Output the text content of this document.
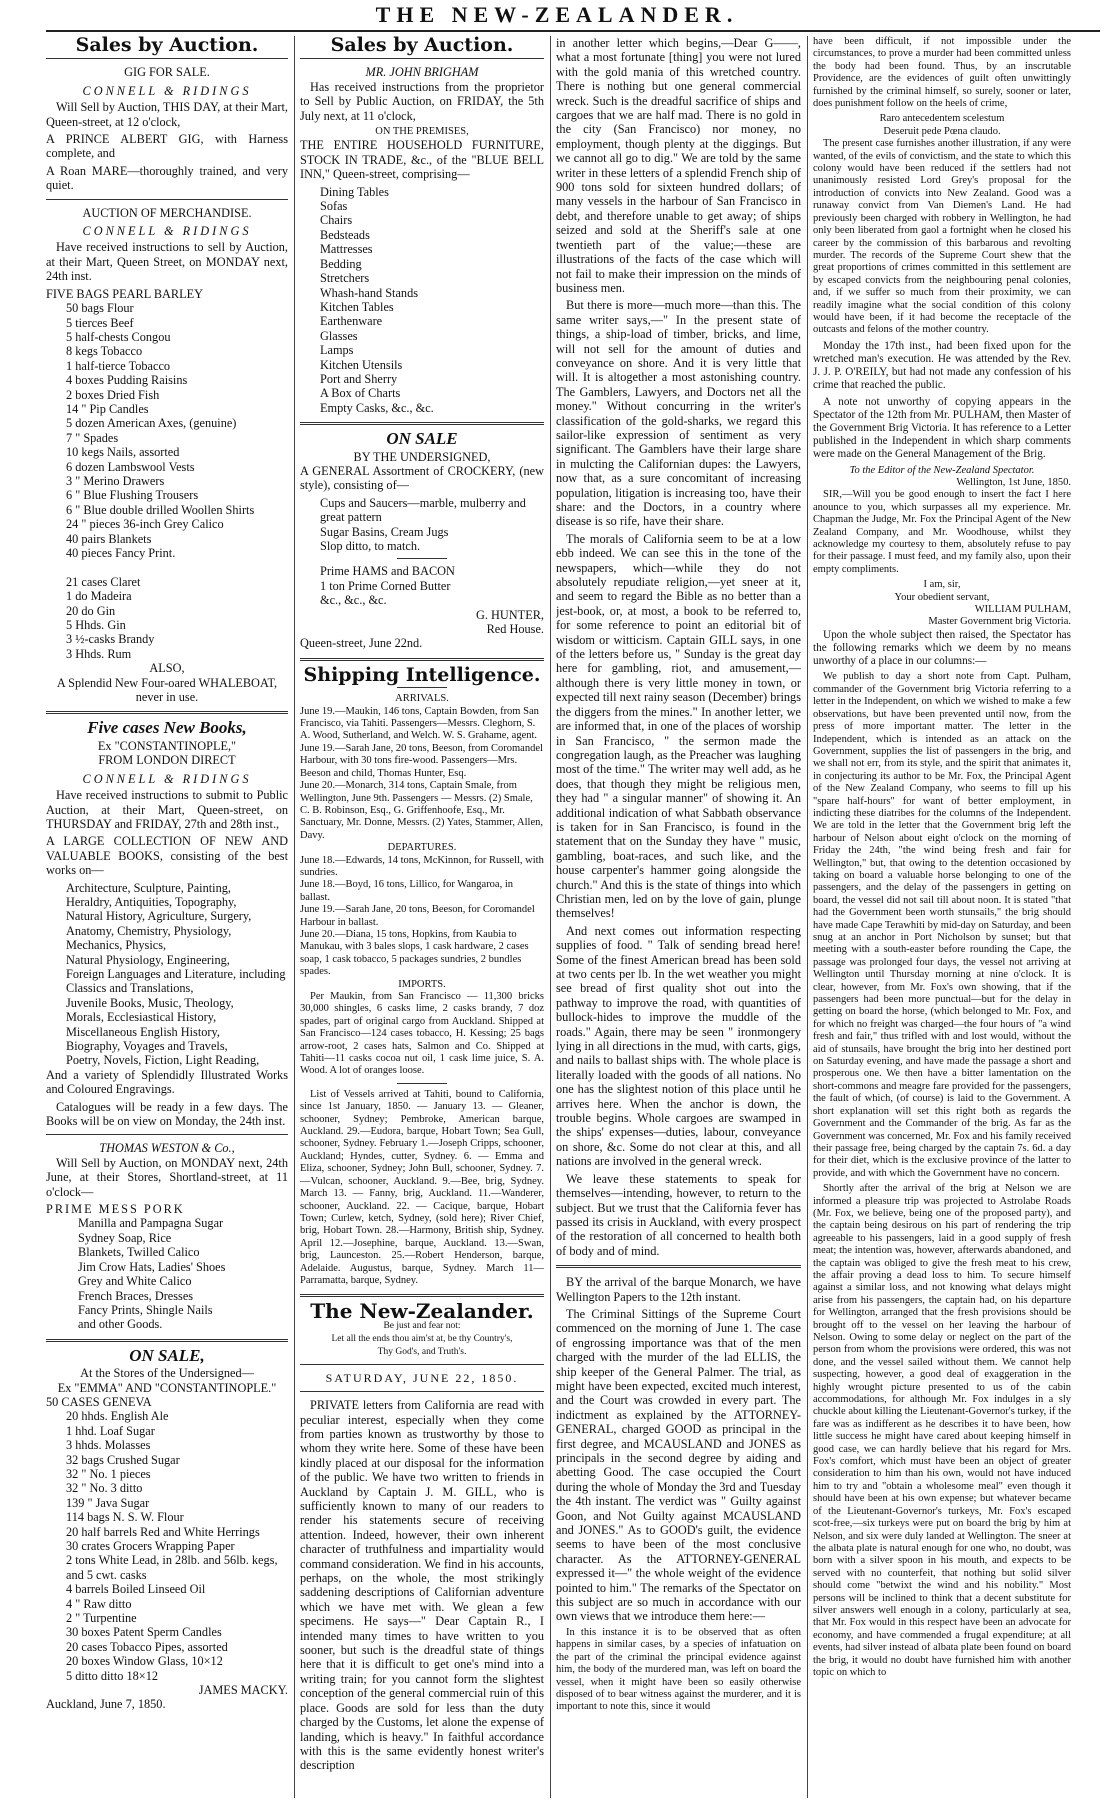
THE NEW-ZEALANDER.
Sales by Auction.
GIG FOR SALE.
CONNELL & RIDINGS

Will Sell by Auction, THIS DAY, at their Mart, Queen-street, at 12 o'clock,

A PRINCE ALBERT GIG, with Harness complete, and

A Roan MARE—thoroughly trained, and very quiet.

AUCTION OF MERCHANDISE.
CONNELL & RIDINGS

Have received instructions to sell by Auction, at their Mart, Queen Street, on MONDAY next, 24th inst.

FIVE BAGS PEARL BARLEY
50 bags Flour
5 tierces Beef
5 half-chests Congou
8 kegs Tobacco
1 half-tierce Tobacco
4 boxes Pudding Raisins
2 boxes Dried Fish
14 " Pip Candles
5 dozen American Axes, (genuine)
7 " Spades
10 kegs Nails, assorted
6 dozen Lambswool Vests
3 " Merino Drawers
6 " Blue Flushing Trousers
6 " Blue double drilled Woollen Shirts
24 " pieces 36-inch Grey Calico
40 pairs Blankets
40 pieces Fancy Print.

21 cases Claret
1 do Madeira
20 do Gin
5 Hhds. Gin
3 ½-casks Brandy
3 Hhds. Rum
ALSO,
A Splendid New Four-oared WHALEBOAT, never in use.
Five cases New Books,
Ex "CONSTANTINOPLE,"
FROM LONDON DIRECT
CONNELL & RIDINGS

Have received instructions to submit to Public Auction, at their Mart, Queen-street, on THURSDAY and FRIDAY, 27th and 28th inst.,

A LARGE COLLECTION OF NEW AND VALUABLE BOOKS, consisting of the best works on—

Architecture, Sculpture, Painting,
Heraldry, Antiquities, Topography,
Natural History, Agriculture, Surgery,
Anatomy, Chemistry, Physiology,
Mechanics, Physics,
Natural Physiology, Engineering,
Foreign Languages and Literature, including Classics and Translations,
Juvenile Books, Music, Theology,
Morals, Ecclesiastical History,
Miscellaneous English History,
Biography, Voyages and Travels,
Poetry, Novels, Fiction, Light Reading,

And a variety of Splendidly Illustrated Works and Coloured Engravings.

Catalogues will be ready in a few days. The Books will be on view on Monday, the 24th inst.

THOMAS WESTON & Co.,

Will Sell by Auction, on MONDAY next, 24th June, at their Stores, Shortland-street, at 11 o'clock—

PRIME MESS PORK
Manilla and Pampagna Sugar
Sydney Soap, Rice
Blankets, Twilled Calico
Jim Crow Hats, Ladies' Shoes
Grey and White Calico
French Braces, Dresses
Fancy Prints, Shingle Nails
and other Goods.
ON SALE,
At the Stores of the Undersigned—
Ex "EMMA" AND "CONSTANTINOPLE."
50 CASES GENEVA
20 hhds. English Ale
1 hhd. Loaf Sugar
3 hhds. Molasses
32 bags Crushed Sugar
32 " No. 1 pieces
32 " No. 3 ditto
139 " Java Sugar
114 bags N. S. W. Flour
20 half barrels Red and White Herrings
30 crates Grocers Wrapping Paper
2 tons White Lead, in 28lb. and 56lb. kegs, and 5 cwt. casks
4 barrels Boiled Linseed Oil
4 " Raw ditto
2 " Turpentine
30 boxes Patent Sperm Candles
20 cases Tobacco Pipes, assorted
20 boxes Window Glass, 10×12
5 ditto ditto 18×12
JAMES MACKY.
Auckland, June 7, 1850.
Sales by Auction.
MR. JOHN BRIGHAM

Has received instructions from the proprietor to Sell by Public Auction, on FRIDAY, the 5th July next, at 11 o'clock,

ON THE PREMISES,

THE ENTIRE HOUSEHOLD FURNITURE, STOCK IN TRADE, &c., of the "BLUE BELL INN," Queen-street, comprising—

Dining Tables
Sofas
Chairs
Bedsteads
Mattresses
Bedding
Stretchers
Whash-hand Stands
Kitchen Tables
Earthenware
Glasses
Lamps
Kitchen Utensils
Port and Sherry
A Box of Charts
Empty Casks, &c., &c.
ON SALE
BY THE UNDERSIGNED,

A GENERAL Assortment of CROCKERY, (new style), consisting of—

Cups and Saucers—marble, mulberry and great pattern
Sugar Basins, Cream Jugs
Slop ditto, to match.
Prime HAMS and BACON
1 ton Prime Corned Butter
&c., &c., &c.
G. HUNTER,
Red House.
Queen-street, June 22nd.
Shipping Intelligence.
ARRIVALS.
June 19.—Maukin, 146 tons, Captain Bowden, from San Francisco, via Tahiti. Passengers—Messrs. Cleghorn, S. A. Wood, Sutherland, and Welch. W. S. Grahame, agent.
June 19.—Sarah Jane, 20 tons, Beeson, from Coromandel Harbour, with 30 tons fire-wood. Passengers—Mrs. Beeson and child, Thomas Hunter, Esq.
June 20.—Monarch, 314 tons, Captain Smale, from Wellington, June 9th. Passengers — Messrs. (2) Smale, C. B. Robinson, Esq., G. Griffenhoofe, Esq., Mr. Sanctuary, Mr. Donne, Messrs. (2) Yates, Stammer, Allen, Davy.
DEPARTURES.
June 18.—Edwards, 14 tons, McKinnon, for Russell, with sundries.
June 18.—Boyd, 16 tons, Lillico, for Wangaroa, in ballast.
June 19.—Sarah Jane, 20 tons, Beeson, for Coromandel Harbour in ballast.
June 20.—Diana, 15 tons, Hopkins, from Kaubia to Manukau, with 3 bales slops, 1 cask hardware, 2 cases soap, 1 cask tobacco, 5 packages sundries, 2 bundles spades.
IMPORTS.

Per Maukin, from San Francisco — 11,300 bricks 30,000 shingles, 6 casks lime, 2 casks brandy, 7 doz spades, part of original cargo from Auckland. Shipped at San Francisco—124 cases tobacco, H. Kessing; 25 bags arrow-root, 2 cases hats, Salmon and Co. Shipped at Tahiti—11 casks cocoa nut oil, 1 cask lime juice, S. A. Wood. A lot of oranges loose.

List of Vessels arrived at Tahiti, bound to California, since 1st January, 1850. — January 13. — Gleaner, schooner, Sydney; Pembroke, American barque, Auckland. 29.—Eudora, barque, Hobart Town; Sea Gull, schooner, Sydney. February 1.—Joseph Cripps, schooner, Auckland; Hyndes, cutter, Sydney. 6. — Emma and Eliza, schooner, Sydney; John Bull, schooner, Sydney. 7.—Vulcan, schooner, Auckland. 9.—Bee, brig, Sydney. March 13. — Fanny, brig, Auckland. 11.—Wanderer, schooner, Auckland. 22. — Cacique, barque, Hobart Town; Curlew, ketch, Sydney, (sold here); River Chief, brig, Hobart Town. 28.—Harmony, British ship, Sydney. April 12.—Josephine, barque, Auckland. 13.—Swan, brig, Launceston. 25.—Robert Henderson, barque, Adelaide. Augustus, barque, Sydney. March 11—Parramatta, barque, Sydney.

The New-Zealander.
Be just and fear not:
Let all the ends thou aim'st at, be thy Country's,
Thy God's, and Truth's.
SATURDAY, JUNE 22, 1850.

PRIVATE letters from California are read with peculiar interest, especially when they come from parties known as trustworthy by those to whom they write here. Some of these have been kindly placed at our disposal for the information of the public. We have two written to friends in Auckland by Captain J. M. GILL, who is sufficiently known to many of our readers to render his statements secure of receiving attention. Indeed, however, their own inherent character of truthfulness and impartiality would command consideration. We find in his accounts, perhaps, on the whole, the most strikingly saddening descriptions of Californian adventure which we have met with. We glean a few specimens. He says—" Dear Captain R., I intended many times to have written to you sooner, but such is the dreadful state of things here that it is difficult to get one's mind into a writing train; for you cannot form the slightest conception of the general commercial ruin of this place. Goods are sold for less than the duty charged by the Customs, let alone the expense of landing, which is heavy." In faithful accordance with this is the same evidently honest writer's description

in another letter which begins,—Dear G——, what a most fortunate [thing] you were not lured with the gold mania of this wretched country. There is nothing but one general commercial wreck. Such is the dreadful sacrifice of ships and cargoes that we are half mad. There is no gold in the city (San Francisco) nor money, no employment, though plenty at the diggings. But we cannot all go to dig." We are told by the same writer in these letters of a splendid French ship of 900 tons sold for sixteen hundred dollars; of many vessels in the harbour of San Francisco in debt, and therefore unable to get away; of ships seized and sold at the Sheriff's sale at one twentieth part of the value;—these are illustrations of the facts of the case which will not fail to make their impression on the minds of business men.

But there is more—much more—than this. The same writer says,—" In the present state of things, a ship-load of timber, bricks, and lime, will not sell for the amount of duties and conveyance on shore. And it is very little that will. It is altogether a most astonishing country. The Gamblers, Lawyers, and Doctors net all the money." Without concurring in the writer's classification of the gold-sharks, we regard this sailor-like expression of sentiment as very significant. The Gamblers have their large share in mulcting the Californian dupes: the Lawyers, now that, as a sure concomitant of increasing population, litigation is increasing too, have their share: and the Doctors, in a country where disease is so rife, have their share.

The morals of California seem to be at a low ebb indeed. We can see this in the tone of the newspapers, which—while they do not absolutely repudiate religion,—yet sneer at it, and seem to regard the Bible as no better than a jest-book, or, at most, a book to be referred to, for some reference to point an editorial bit of wisdom or witticism. Captain GILL says, in one of the letters before us, " Sunday is the great day here for gambling, riot, and amusement,—although there is very little money in town, or expected till next rainy season (December) brings the diggers from the mines." In another letter, we are informed that, in one of the places of worship in San Francisco, " the sermon made the congregation laugh, as the Preacher was laughing most of the time." The writer may well add, as he does, that though they might be religious men, they had " a singular manner" of showing it. An additional indication of what Sabbath observance is taken for in San Francisco, is found in the statement that on the Sunday they have " music, gambling, boat-races, and such like, and the house carpenter's hammer going alongside the church." And this is the state of things into which Christian men, led on by the love of gain, plunge themselves!

And next comes out information respecting supplies of food. " Talk of sending bread here! Some of the finest American bread has been sold at two cents per lb. In the wet weather you might see bread of first quality shot out into the pathway to improve the road, with quantities of bullock-hides to improve the muddle of the roads." Again, there may be seen " ironmongery lying in all directions in the mud, with carts, gigs, and nails to ballast ships with. The whole place is literally loaded with the goods of all nations. No one has the slightest notion of this place until he arrives here. When the anchor is down, the trouble begins. Whole cargoes are swamped in the ships' expenses—duties, labour, conveyance on shore, &c. Some do not clear at this, and all nations are involved in the general wreck.

We leave these statements to speak for themselves—intending, however, to return to the subject. But we trust that the California fever has passed its crisis in Auckland, with every prospect of the restoration of all concerned to health both of body and of mind.

BY the arrival of the barque Monarch, we have Wellington Papers to the 12th instant.

The Criminal Sittings of the Supreme Court commenced on the morning of June 1. The case of engrossing importance was that of the men charged with the murder of the lad ELLIS, the ship keeper of the General Palmer. The trial, as might have been expected, excited much interest, and the Court was crowded in every part. The indictment as explained by the ATTORNEY-GENERAL, charged GOOD as principal in the first degree, and MCAUSLAND and JONES as principals in the second degree by aiding and abetting Good. The case occupied the Court during the whole of Monday the 3rd and Tuesday the 4th instant. The verdict was " Guilty against Goon, and Not Guilty against MCAUSLAND and JONES." As to GOOD's guilt, the evidence seems to have been of the most conclusive character. As the ATTORNEY-GENERAL expressed it—" the whole weight of the evidence pointed to him." The remarks of the Spectator on this subject are so much in accordance with our own views that we introduce them here:—

In this instance it is to be observed that as often happens in similar cases, by a species of infatuation on the part of the criminal the principal evidence against him, the body of the murdered man, was left on board the vessel, when it might have been so easily otherwise disposed of to bear witness against the murderer, and it is important to note this, since it would

have been difficult, if not impossible under the circumstances, to prove a murder had been committed unless the body had been found. Thus, by an inscrutable Providence, are the evidences of guilt often unwittingly furnished by the criminal himself, so surely, sooner or later, does punishment follow on the heels of crime,

Raro antecedentem scelestum
Deseruit pede Pœna claudo.

The present case furnishes another illustration, if any were wanted, of the evils of convictism, and the state to which this colony would have been reduced if the settlers had not unanimously resisted Lord Grey's proposal for the introduction of convicts into New Zealand. Good was a runaway convict from Van Diemen's Land. He had previously been charged with robbery in Wellington, he had only been liberated from gaol a fortnight when he closed his career by the commission of this barbarous and revolting murder. The records of the Supreme Court shew that the great proportions of crimes committed in this settlement are by escaped convicts from the neighbouring penal colonies, and, if we suffer so much from their proximity, we can readily imagine what the social condition of this colony would have been, if it had become the receptacle of the outcasts and felons of the mother country.

Monday the 17th inst., had been fixed upon for the wretched man's execution. He was attended by the Rev. J. J. P. O'REILY, but had not made any confession of his crime that reached the public.

A note not unworthy of copying appears in the Spectator of the 12th from Mr. PULHAM, then Master of the Government Brig Victoria. It has reference to a Letter published in the Independent in which sharp comments were made on the General Management of the Brig.

To the Editor of the New-Zealand Spectator.
Wellington, 1st June, 1850.

SIR,—Will you be good enough to insert the fact I here anounce to you, which surpasses all my experience. Mr. Chapman the Judge, Mr. Fox the Principal Agent of the New Zealand Company, and Mr. Woodhouse, whilst they acknowledge my courtesy to them, absolutely refuse to pay for their passage. I must feed, and my family also, upon their empty compliments.

I am, sir,
Your obedient servant,
WILLIAM PULHAM,
Master Government brig Victoria.

Upon the whole subject then raised, the Spectator has the following remarks which we deem by no means unworthy of a place in our columns:—

We publish to day a short note from Capt. Pulham, commander of the Government brig Victoria referring to a letter in the Independent, on which we wished to make a few observations, but have been prevented until now, from the press of more important matter. The letter in the Independent, which is intended as an attack on the Government, supplies the list of passengers in the brig, and we shall not err, from its style, and the spirit that animates it, in conjecturing its author to be Mr. Fox, the Principal Agent of the New Zealand Company, who seems to fill up his "spare half-hours" for want of better employment, in indicting these diatribes for the columns of the Independent. We are told in the letter that the Government brig left the harbour of Nelson about eight o'clock on the morning of Friday the 24th, "the wind being fresh and fair for Wellington," but, that owing to the detention occasioned by taking on board a valuable horse belonging to one of the passengers, and the delay of the passengers in getting on board, the vessel did not sail till about noon. It is stated "that had the Government been worth stunsails," the brig should have made Cape Terawhiti by mid-day on Saturday, and been snug at an anchor in Port Nicholson by sunset; but that meeting with a south-easter before rounding the Cape, the passage was prolonged four days, the vessel not arriving at Wellington until Thursday morning at nine o'clock. It is clear, however, from Mr. Fox's own showing, that if the passengers had been more punctual—but for the delay in getting on board the horse, (which belonged to Mr. Fox, and for which no freight was charged—the four hours of "a wind fresh and fair," thus trifled with and lost would, without the aid of stunsails, have brought the brig into her destined port on Saturday evening, and have made the passage a short and prosperous one. We then have a bitter lamentation on the short-commons and meagre fare provided for the passengers, the fault of which, (of course) is laid to the Government. A short explanation will set this right both as regards the Government and the Commander of the brig. As far as the Government was concerned, Mr. Fox and his family received their passage free, being charged by the captain 7s. 6d. a day for their diet, which is the exclusive province of the latter to provide, and with which the Government have no concern.

Shortly after the arrival of the brig at Nelson we are informed a pleasure trip was projected to Astrolabe Roads (Mr. Fox, we believe, being one of the proposed party), and the captain being desirous on his part of rendering the trip agreeable to his passengers, laid in a good supply of fresh meat; the intention was, however, afterwards abandoned, and the captain was obliged to give the fresh meat to his crew, the affair proving a dead loss to him. To secure himself against a similar loss, and not knowing what delays might arise from his passengers, the captain had, on his departure for Wellington, arranged that the fresh provisions should be brought off to the vessel on her leaving the harbour of Nelson. Owing to some delay or neglect on the part of the person from whom the provisions were ordered, this was not done, and the vessel sailed without them. We cannot help suspecting, however, a good deal of exaggeration in the highly wrought picture presented to us of the cabin accommodations, for although Mr. Fox indulges in a sly chuckle about killing the Lieutenant-Governor's turkey, if the fare was as indifferent as he describes it to have been, how little success he might have cared about keeping himself in good case, we can hardly believe that his regard for Mrs. Fox's comfort, which must have been an object of greater consideration to him than his own, would not have induced him to try and "obtain a wholesome meal" even though it should have been at his own expense; but whatever became of the Lieutenant-Governor's turkeys, Mr. Fox's escaped scot-free,—six turkeys were put on board the brig by him at Nelson, and six were duly landed at Wellington. The sneer at the albata plate is natural enough for one who, no doubt, was born with a silver spoon in his mouth, and expects to be served with no counterfeit, that nothing but solid silver should come "betwixt the wind and his nobility." Most persons will be inclined to think that a decent substitute for silver answers well enough in a colony, particularly at sea, that Mr. Fox would in this respect have been an advocate for economy, and have commended a frugal expenditure; at all events, had silver instead of albata plate been found on board the brig, it would no doubt have furnished him with another topic on which to
